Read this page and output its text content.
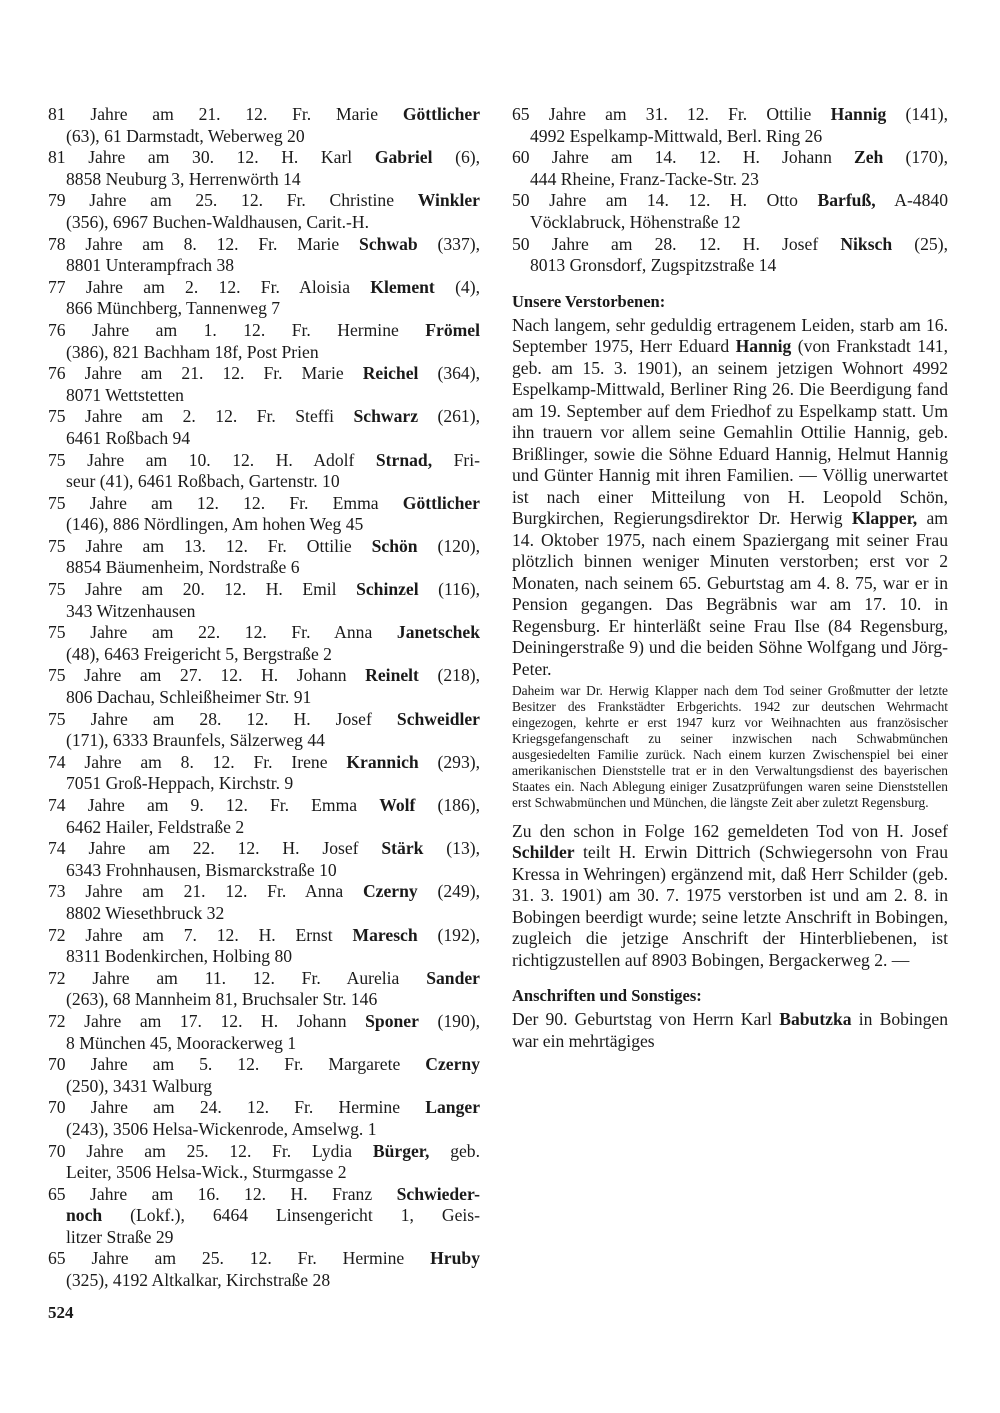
81 Jahre am 21. 12. Fr. Marie Göttlicher
(63), 61 Darmstadt, Weberweg 20
81 Jahre am 30. 12. H. Karl Gabriel (6),
8858 Neuburg 3, Herrenwörth 14
79 Jahre am 25. 12. Fr. Christine Winkler
(356), 6967 Buchen-Waldhausen, Carit.-H.
78 Jahre am 8. 12. Fr. Marie Schwab (337),
8801 Unterampfrach 38
77 Jahre am 2. 12. Fr. Aloisia Klement (4),
866 Münchberg, Tannenweg 7
76 Jahre am 1. 12. Fr. Hermine Frömel
(386), 821 Bachham 18f, Post Prien
76 Jahre am 21. 12. Fr. Marie Reichel (364),
8071 Wettstetten
75 Jahre am 2. 12. Fr. Steffi Schwarz (261),
6461 Roßbach 94
75 Jahre am 10. 12. H. Adolf Strnad, Fri-
seur (41), 6461 Roßbach, Gartenstr. 10
75 Jahre am 12. 12. Fr. Emma Göttlicher
(146), 886 Nördlingen, Am hohen Weg 45
75 Jahre am 13. 12. Fr. Ottilie Schön (120),
8854 Bäumenheim, Nordstraße 6
75 Jahre am 20. 12. H. Emil Schinzel (116),
343 Witzenhausen
75 Jahre am 22. 12. Fr. Anna Janetschek
(48), 6463 Freigericht 5, Bergstraße 2
75 Jahre am 27. 12. H. Johann Reinelt (218),
806 Dachau, Schleißheimer Str. 91
75 Jahre am 28. 12. H. Josef Schweidler
(171), 6333 Braunfels, Sälzerweg 44
74 Jahre am 8. 12. Fr. Irene Krannich (293),
7051 Groß-Heppach, Kirchstr. 9
74 Jahre am 9. 12. Fr. Emma Wolf (186),
6462 Hailer, Feldstraße 2
74 Jahre am 22. 12. H. Josef Stärk (13),
6343 Frohnhausen, Bismarckstraße 10
73 Jahre am 21. 12. Fr. Anna Czerny (249),
8802 Wiesethbruck 32
72 Jahre am 7. 12. H. Ernst Maresch (192),
8311 Bodenkirchen, Holbing 80
72 Jahre am 11. 12. Fr. Aurelia Sander
(263), 68 Mannheim 81, Bruchsaler Str. 146
72 Jahre am 17. 12. H. Johann Sponer (190),
8 München 45, Moorackerweg 1
70 Jahre am 5. 12. Fr. Margarete Czerny
(250), 3431 Walburg
70 Jahre am 24. 12. Fr. Hermine Langer
(243), 3506 Helsa-Wickenrode, Amselwg. 1
70 Jahre am 25. 12. Fr. Lydia Bürger, geb.
Leiter, 3506 Helsa-Wick., Sturmgasse 2
65 Jahre am 16. 12. H. Franz Schwieder-
noch (Lokf.), 6464 Linsengericht 1, Geis-
litzer Straße 29
65 Jahre am 25. 12. Fr. Hermine Hruby
(325), 4192 Altkalkar, Kirchstraße 28
65 Jahre am 31. 12. Fr. Ottilie Hannig (141),
4992 Espelkamp-Mittwald, Berl. Ring 26
60 Jahre am 14. 12. H. Johann Zeh (170),
444 Rheine, Franz-Tacke-Str. 23
50 Jahre am 14. 12. H. Otto Barfuß, A-4840
Vöcklabruck, Höhenstraße 12
50 Jahre am 28. 12. H. Josef Niksch (25),
8013 Gronsdorf, Zugspitzstraße 14
Unsere Verstorbenen:
Nach langem, sehr geduldig ertragenem Leiden, starb am 16. September 1975, Herr Eduard Hannig (von Frankstadt 141, geb. am 15. 3. 1901), an seinem jetzigen Wohnort 4992 Espelkamp-Mittwald, Berliner Ring 26. Die Beerdigung fand am 19. September auf dem Friedhof zu Espelkamp statt. Um ihn trauern vor allem seine Gemahlin Ottilie Hannig, geb. Brißlinger, sowie die Söhne Eduard Hannig, Helmut Hannig und Günter Hannig mit ihren Familien. — Völlig unerwartet ist nach einer Mitteilung von H. Leopold Schön, Burgkirchen, Regierungsdirektor Dr. Herwig Klapper, am 14. Oktober 1975, nach einem Spaziergang mit seiner Frau plötzlich binnen weniger Minuten verstorben; erst vor 2 Monaten, nach seinem 65. Geburtstag am 4. 8. 75, war er in Pension gegangen. Das Begräbnis war am 17. 10. in Regensburg. Er hinterläßt seine Frau Ilse (84 Regensburg, Deiningerstraße 9) und die beiden Söhne Wolfgang und Jörg-Peter.
Daheim war Dr. Herwig Klapper nach dem Tod seiner Großmutter der letzte Besitzer des Frankstädter Erbgerichts. 1942 zur deutschen Wehrmacht eingezogen, kehrte er erst 1947 kurz vor Weihnachten aus französischer Kriegsgefangenschaft zu seiner inzwischen nach Schwabmünchen ausgesiedelten Familie zurück. Nach einem kurzen Zwischenspiel bei einer amerikanischen Dienststelle trat er in den Verwaltungsdienst des bayerischen Staates ein. Nach Ablegung einiger Zusatzprüfungen waren seine Dienststellen erst Schwabmünchen und München, die längste Zeit aber zuletzt Regensburg.
Zu den schon in Folge 162 gemeldeten Tod von H. Josef Schilder teilt H. Erwin Dittrich (Schwiegersohn von Frau Kressa in Wehringen) ergänzend mit, daß Herr Schilder (geb. 31. 3. 1901) am 30. 7. 1975 verstorben ist und am 2. 8. in Bobingen beerdigt wurde; seine letzte Anschrift in Bobingen, zugleich die jetzige Anschrift der Hinterbliebenen, ist richtigzustellen auf 8903 Bobingen, Bergackerweg 2. —
Anschriften und Sonstiges:
Der 90. Geburtstag von Herrn Karl Babutzka in Bobingen war ein mehrtägiges
524
